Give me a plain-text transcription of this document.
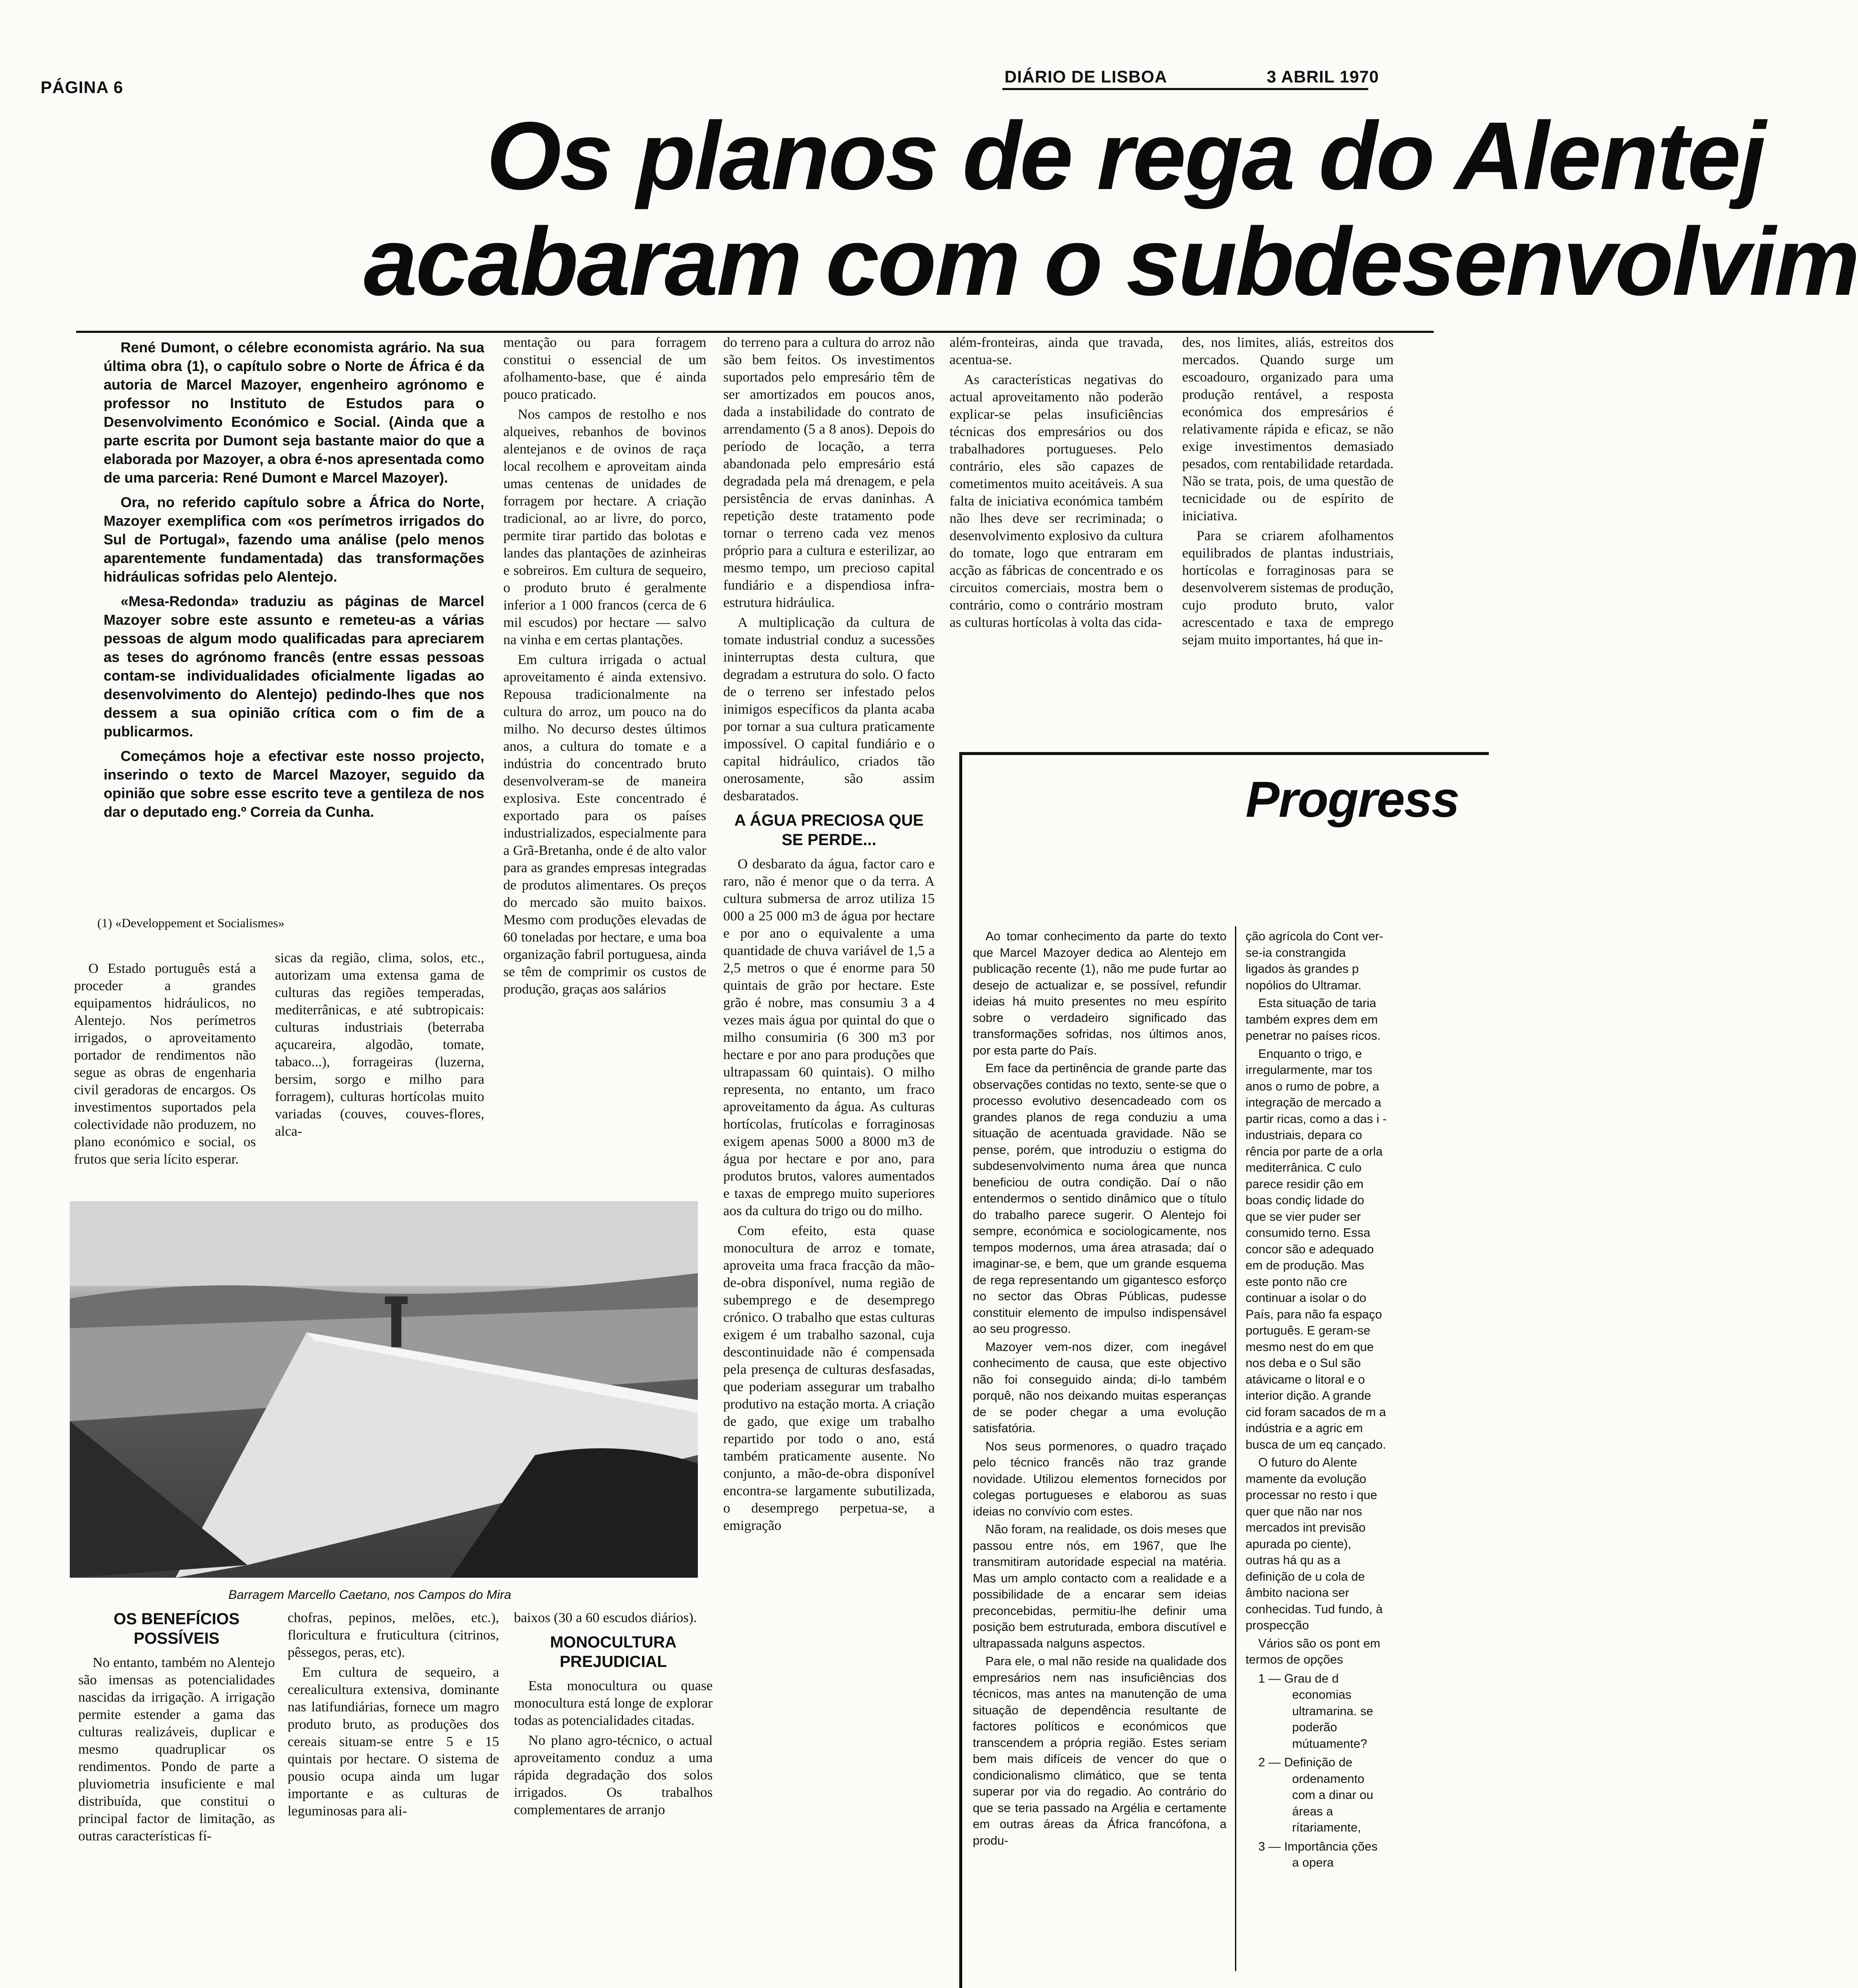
PÁGINA 6
DIÁRIO DE LISBOA	3 ABRIL 1970
Os planos de rega do Alentej
acabaram com o subdesenvolvim

René Dumont, o célebre economista agrário. Na sua última obra (1), o capítulo sobre o Norte de África é da autoria de Marcel Mazoyer, engenheiro agrónomo e professor no Instituto de Estudos para o Desenvolvimento Económico e Social. (Ainda que a parte escrita por Dumont seja bastante maior do que a elaborada por Mazoyer, a obra é-nos apresentada como de uma parceria: René Dumont e Marcel Mazoyer).

Ora, no referido capítulo sobre a África do Norte, Mazoyer exemplifica com «os perímetros irrigados do Sul de Portugal», fazendo uma análise (pelo menos aparentemente fundamentada) das transformações hidráulicas sofridas pelo Alentejo.

«Mesa-Redonda» traduziu as páginas de Marcel Mazoyer sobre este assunto e remeteu-as a várias pessoas de algum modo qualificadas para apreciarem as teses do agrónomo francês (entre essas pessoas contam-se individualidades oficialmente ligadas ao desenvolvimento do Alentejo) pedindo-lhes que nos dessem a sua opinião crítica com o fim de a publicarmos.

Começámos hoje a efectivar este nosso projecto, inserindo o texto de Marcel Mazoyer, seguido da opinião que sobre esse escrito teve a gentileza de nos dar o deputado eng.º Correia da Cunha.

(1) «Developpement et Socialismes»

O Estado português está a proceder a grandes equipamentos hidráulicos, no Alentejo. Nos perímetros irrigados, o aproveitamento portador de rendimentos não segue as obras de engenharia civil geradoras de encargos. Os investimentos suportados pela colectividade não produzem, no plano económico e social, os frutos que seria lícito esperar.

sicas da região, clima, solos, etc., autorizam uma extensa gama de culturas das regiões temperadas, mediterrânicas, e até subtropicais: culturas industriais (beterraba açucareira, algodão, tomate, tabaco...), forrageiras (luzerna, bersim, sorgo e milho para forragem), culturas hortícolas muito variadas (couves, couves-flores, alca-

mentação ou para forragem constitui o essencial de um afolhamento-base, que é ainda pouco praticado.

Nos campos de restolho e nos alqueives, rebanhos de bovinos alentejanos e de ovinos de raça local recolhem e aproveitam ainda umas centenas de unidades de forragem por hectare. A criação tradicional, ao ar livre, do porco, permite tirar partido das bolotas e landes das plantações de azinheiras e sobreiros. Em cultura de sequeiro, o produto bruto é geralmente inferior a 1 000 francos (cerca de 6 mil escudos) por hectare — salvo na vinha e em certas plantações.

Em cultura irrigada o actual aproveitamento é ainda extensivo. Repousa tradicionalmente na cultura do arroz, um pouco na do milho. No decurso destes últimos anos, a cultura do tomate e a indústria do concentrado bruto desenvolveram-se de maneira explosiva. Este concentrado é exportado para os países industrializados, especialmente para a Grã-Bretanha, onde é de alto valor para as grandes empresas integradas de produtos alimentares. Os preços do mercado são muito baixos. Mesmo com produções elevadas de 60 toneladas por hectare, e uma boa organização fabril portuguesa, ainda se têm de comprimir os custos de produção, graças aos salários

do terreno para a cultura do arroz não são bem feitos. Os investimentos suportados pelo empresário têm de ser amortizados em poucos anos, dada a instabilidade do contrato de arrendamento (5 a 8 anos). Depois do período de locação, a terra abandonada pelo empresário está degradada pela má drenagem, e pela persistência de ervas daninhas. A repetição deste tratamento pode tornar o terreno cada vez menos próprio para a cultura e esterilizar, ao mesmo tempo, um precioso capital fundiário e a dispendiosa infra-estrutura hidráulica.

A multiplicação da cultura de tomate industrial conduz a sucessões ininterruptas desta cultura, que degradam a estrutura do solo. O facto de o terreno ser infestado pelos inimigos específicos da planta acaba por tornar a sua cultura praticamente impossível. O capital fundiário e o capital hidráulico, criados tão onerosamente, são assim desbaratados.

A ÁGUA PRECIOSA QUE SE PERDE...

O desbarato da água, factor caro e raro, não é menor que o da terra. A cultura submersa de arroz utiliza 15 000 a 25 000 m3 de água por hectare e por ano o equivalente a uma quantidade de chuva variável de 1,5 a 2,5 metros o que é enorme para 50 quintais de grão por hectare. Este grão é nobre, mas consumiu 3 a 4 vezes mais água por quintal do que o milho consumiria (6 300 m3 por hectare e por ano para produções que ultrapassam 60 quintais). O milho representa, no entanto, um fraco aproveitamento da água. As culturas hortícolas, frutícolas e forraginosas exigem apenas 5000 a 8000 m3 de água por hectare e por ano, para produtos brutos, valores aumentados e taxas de emprego muito superiores aos da cultura do trigo ou do milho.

Com efeito, esta quase monocultura de arroz e tomate, aproveita uma fraca fracção da mão-de-obra disponível, numa região de subemprego e de desemprego crónico. O trabalho que estas culturas exigem é um trabalho sazonal, cuja descontinuidade não é compensada pela presença de culturas desfasadas, que poderiam assegurar um trabalho produtivo na estação morta. A criação de gado, que exige um trabalho repartido por todo o ano, está também praticamente ausente. No conjunto, a mão-de-obra disponível encontra-se largamente subutilizada, o desemprego perpetua-se, a emigração

além-fronteiras, ainda que travada, acentua-se.

As características negativas do actual aproveitamento não poderão explicar-se pelas insuficiências técnicas dos empresários ou dos trabalhadores portugueses. Pelo contrário, eles são capazes de cometimentos muito aceitáveis. A sua falta de iniciativa económica também não lhes deve ser recriminada; o desenvolvimento explosivo da cultura do tomate, logo que entraram em acção as fábricas de concentrado e os circuitos comerciais, mostra bem o contrário, como o contrário mostram as culturas hortícolas à volta das cida-

des, nos limites, aliás, estreitos dos mercados. Quando surge um escoadouro, organizado para uma produção rentável, a resposta económica dos empresários é relativamente rápida e eficaz, se não exige investimentos demasiado pesados, com rentabilidade retardada. Não se trata, pois, de uma questão de tecnicidade ou de espírito de iniciativa.

Para se criarem afolhamentos equilibrados de plantas industriais, hortícolas e forraginosas para se desenvolverem sistemas de produção, cujo produto bruto, valor acrescentado e taxa de emprego sejam muito importantes, há que in-

Barragem Marcello Caetano, nos Campos do Mira
OS BENEFÍCIOS POSSÍVEIS

No entanto, também no Alentejo são imensas as potencialidades nascidas da irrigação. A irrigação permite estender a gama das culturas realizáveis, duplicar e mesmo quadruplicar os rendimentos. Pondo de parte a pluviometria insuficiente e mal distribuída, que constitui o principal factor de limitação, as outras características fí-

chofras, pepinos, melões, etc.), floricultura e fruticultura (citrinos, pêssegos, peras, etc).

Em cultura de sequeiro, a cerealicultura extensiva, dominante nas latifundiárias, fornece um magro produto bruto, as produções dos cereais situam-se entre 5 e 15 quintais por hectare. O sistema de pousio ocupa ainda um lugar importante e as culturas de leguminosas para ali-

baixos (30 a 60 escudos diários).

MONOCULTURA PREJUDICIAL

Esta monocultura ou quase monocultura está longe de explorar todas as potencialidades citadas.

No plano agro-técnico, o actual aproveitamento conduz a uma rápida degradação dos solos irrigados. Os trabalhos complementares de arranjo

Progress

Ao tomar conhecimento da parte do texto que Marcel Mazoyer dedica ao Alentejo em publicação recente (1), não me pude furtar ao desejo de actualizar e, se possível, refundir ideias há muito presentes no meu espírito sobre o verdadeiro significado das transformações sofridas, nos últimos anos, por esta parte do País.

Em face da pertinência de grande parte das observações contidas no texto, sente-se que o processo evolutivo desencadeado com os grandes planos de rega conduziu a uma situação de acentuada gravidade. Não se pense, porém, que introduziu o estigma do subdesenvolvimento numa área que nunca beneficiou de outra condição. Daí o não entendermos o sentido dinâmico que o título do trabalho parece sugerir. O Alentejo foi sempre, económica e sociologicamente, nos tempos modernos, uma área atrasada; daí o imaginar-se, e bem, que um grande esquema de rega representando um gigantesco esforço no sector das Obras Públicas, pudesse constituir elemento de impulso indispensável ao seu progresso.

Mazoyer vem-nos dizer, com inegável conhecimento de causa, que este objectivo não foi conseguido ainda; di-lo também porquê, não nos deixando muitas esperanças de se poder chegar a uma evolução satisfatória.

Nos seus pormenores, o quadro traçado pelo técnico francês não traz grande novidade. Utilizou elementos fornecidos por colegas portugueses e elaborou as suas ideias no convívio com estes.

Não foram, na realidade, os dois meses que passou entre nós, em 1967, que lhe transmitiram autoridade especial na matéria. Mas um amplo contacto com a realidade e a possibilidade de a encarar sem ideias preconcebidas, permitiu-lhe definir uma posição bem estruturada, embora discutível e ultrapassada nalguns aspectos.

Para ele, o mal não reside na qualidade dos empresários nem nas insuficiências dos técnicos, mas antes na manutenção de uma situação de dependência resultante de factores políticos e económicos que transcendem a própria região. Estes seriam bem mais difíceis de vencer do que o condicionalismo climático, que se tenta superar por via do regadio. Ao contrário do que se teria passado na Argélia e certamente em outras áreas da África francófona, a produ-

ção agrícola do Cont ver-se-ia constrangida ligados às grandes p nopólios do Ultramar.

Esta situação de taria também expres dem em penetrar no países ricos.

Enquanto o trigo, e irregularmente, mar tos anos o rumo de pobre, a integração de mercado a partir ricas, como a das i -industriais, depara co rência por parte de a orla mediterrânica. C culo parece residir ção em boas condiç lidade do que se vier puder ser consumido terno. Essa concor são e adequado em de produção. Mas este ponto não cre continuar a isolar o do País, para não fa espaço português. E geram-se mesmo nest do em que nos deba e o Sul são atávicame o litoral e o interior dição. A grande cid foram sacados de m a indústria e a agric em busca de um eq cançado.

O futuro do Alente mamente da evolução processar no resto i que quer que não nar nos mercados int previsão apurada po ciente), outras há qu as a definição de u cola de âmbito naciona ser conhecidas. Tud fundo, à prospecção

Vários são os pont em termos de opções

1 — Grau de d economias ultramarina. se poderão mútuamente?
2 — Definição de ordenamento com a dinar ou áreas a rítariamente,
3 — Importância ções a opera
